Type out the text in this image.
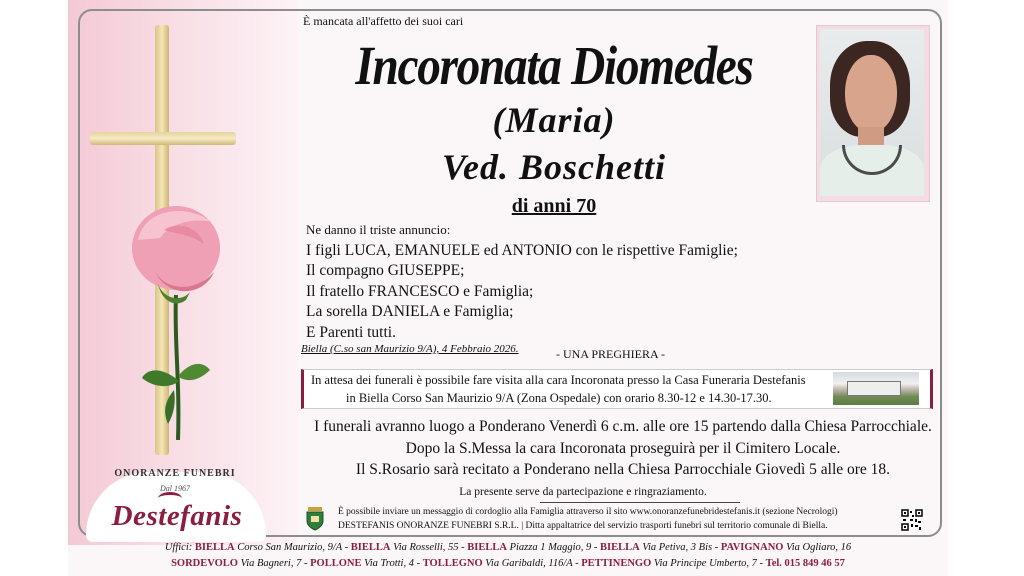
ONORANZE FUNEBRI
Dal 1967
Destefanis
È mancata all'affetto dei suoi cari
Incoronata Diomedes
(Maria)
Ved. Boschetti
di anni 70
Ne danno il triste annuncio:
I figli LUCA, EMANUELE ed ANTONIO con le rispettive Famiglie;
Il compagno GIUSEPPE;
Il fratello FRANCESCO e Famiglia;
La sorella DANIELA e Famiglia;
E Parenti tutti.
Biella (C.so san Maurizio 9/A), 4 Febbraio 2026.	- UNA PREGHIERA -
In attesa dei funerali è possibile fare visita alla cara Incoronata presso la Casa Funeraria Destefanis
in Biella Corso San Maurizio 9/A (Zona Ospedale) con orario 8.30-12 e 14.30-17.30.
I funerali avranno luogo a Ponderano Venerdì 6 c.m. alle ore 15 partendo dalla Chiesa Parrocchiale.
Dopo la S.Messa la cara Incoronata proseguirà per il Cimitero Locale.
Il S.Rosario sarà recitato a Ponderano nella Chiesa Parrocchiale Giovedì 5 alle ore 18.
La presente serve da partecipazione e ringraziamento.
È possibile inviare un messaggio di cordoglio alla Famiglia attraverso il sito www.onoranzefunebridestefanis.it (sezione Necrologi)
DESTEFANIS ONORANZE FUNEBRI S.R.L. | Ditta appaltatrice del servizio trasporti funebri sul territorio comunale di Biella.
Uffici: BIELLA Corso San Maurizio, 9/A - BIELLA Via Rosselli, 55 - BIELLA Piazza 1 Maggio, 9 - BIELLA Via Petiva, 3 Bis - PAVIGNANO Via Ogliaro, 16
SORDEVOLO Via Bagneri, 7 - POLLONE Via Trotti, 4 - TOLLEGNO Via Garibaldi, 116/A - PETTINENGO Via Principe Umberto, 7 - Tel. 015 849 46 57
